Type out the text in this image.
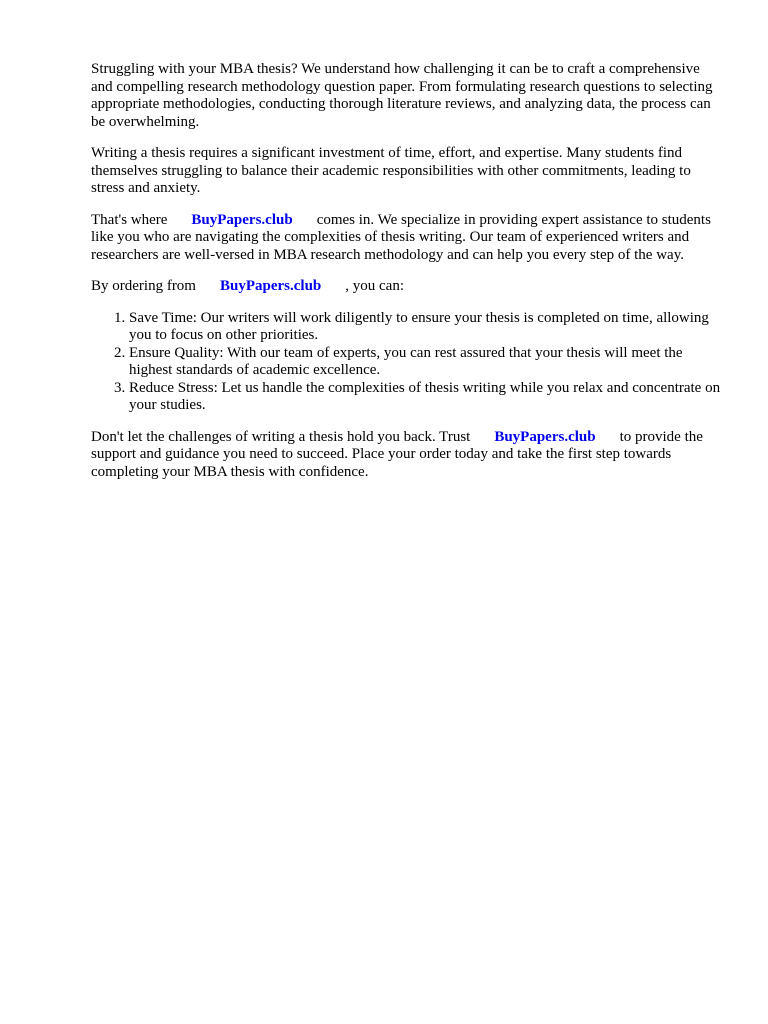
Struggling with your MBA thesis? We understand how challenging it can be to craft a comprehensive and compelling research methodology question paper. From formulating research questions to selecting appropriate methodologies, conducting thorough literature reviews, and analyzing data, the process can be overwhelming.

Writing a thesis requires a significant investment of time, effort, and expertise. Many students find themselves struggling to balance their academic responsibilities with other commitments, leading to stress and anxiety.

That's where BuyPapers.club comes in. We specialize in providing expert assistance to students like you who are navigating the complexities of thesis writing. Our team of experienced writers and researchers are well-versed in MBA research methodology and can help you every step of the way.

By ordering from BuyPapers.club , you can:

1. Save Time: Our writers will work diligently to ensure your thesis is completed on time, allowing you to focus on other priorities.
2. Ensure Quality: With our team of experts, you can rest assured that your thesis will meet the highest standards of academic excellence.
3. Reduce Stress: Let us handle the complexities of thesis writing while you relax and concentrate on your studies.

Don't let the challenges of writing a thesis hold you back. Trust BuyPapers.club to provide the support and guidance you need to succeed. Place your order today and take the first step towards completing your MBA thesis with confidence.
